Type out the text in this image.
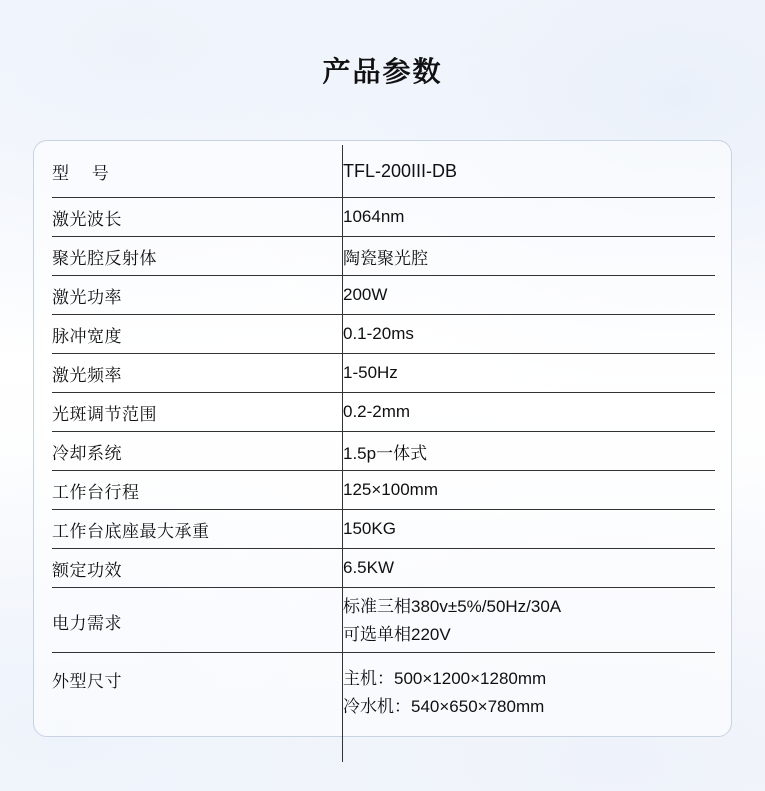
产品参数
型 号	TFL-200III-DB
激光波长	1064nm
聚光腔反射体	陶瓷聚光腔
激光功率	200W
脉冲宽度	0.1-20ms
激光频率	1-50Hz
光斑调节范围	0.2-2mm
冷却系统	1.5p一体式
工作台行程	125×100mm
工作台底座最大承重	150KG
额定功效	6.5KW
电力需求	标准三相380v±5%/50Hz/30A
可选单相220V

外型尺寸	主机：500×1200×1280mm
冷水机：540×650×780mm
